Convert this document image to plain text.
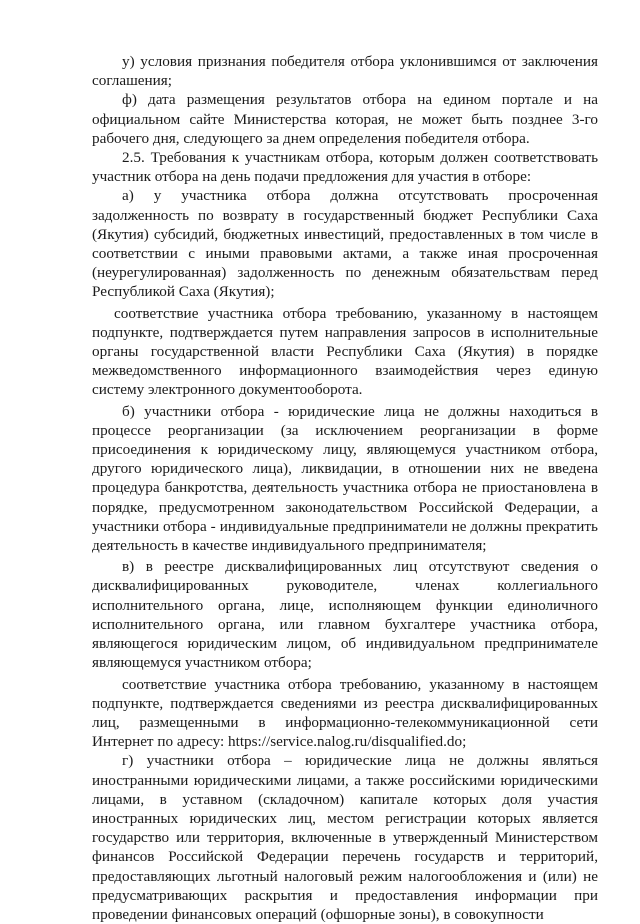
у) условия признания победителя отбора уклонившимся от заключения соглашения;

ф) дата размещения результатов отбора на едином портале и на официальном сайте Министерства которая, не может быть позднее 3-го рабочего дня, следующего за днем определения победителя отбора.

2.5. Требования к участникам отбора, которым должен соответствовать участник отбора на день подачи предложения для участия в отборе:

а) у участника отбора должна отсутствовать просроченная задолженность по возврату в государственный бюджет Республики Саха (Якутия) субсидий, бюджетных инвестиций, предоставленных в том числе в соответствии с иными правовыми актами, а также иная просроченная (неурегулированная) задолженность по денежным обязательствам перед Республикой Саха (Якутия);

соответствие участника отбора требованию, указанному в настоящем подпункте, подтверждается путем направления запросов в исполнительные органы государственной власти Республики Саха (Якутия) в порядке межведомственного информационного взаимодействия через единую систему электронного документооборота.

б) участники отбора - юридические лица не должны находиться в процессе реорганизации (за исключением реорганизации в форме присоединения к юридическому лицу, являющемуся участником отбора, другого юридического лица), ликвидации, в отношении них не введена процедура банкротства, деятельность участника отбора не приостановлена в порядке, предусмотренном законодательством Российской Федерации, а участники отбора - индивидуальные предприниматели не должны прекратить деятельность в качестве индивидуального предпринимателя;

в) в реестре дисквалифицированных лиц отсутствуют сведения о дисквалифицированных руководителе, членах коллегиального исполнительного органа, лице, исполняющем функции единоличного исполнительного органа, или главном бухгалтере участника отбора, являющегося юридическим лицом, об индивидуальном предпринимателе являющемуся участником отбора;

соответствие участника отбора требованию, указанному в настоящем подпункте, подтверждается сведениями из реестра дисквалифицированных лиц, размещенными в информационно-телекоммуникационной сети Интернет по адресу: https://service.nalog.ru/disqualified.do;

г) участники отбора – юридические лица не должны являться иностранными юридическими лицами, а также российскими юридическими лицами, в уставном (складочном) капитале которых доля участия иностранных юридических лиц, местом регистрации которых является государство или территория, включенные в утвержденный Министерством финансов Российской Федерации перечень государств и территорий, предоставляющих льготный налоговый режим налогообложения и (или) не предусматривающих раскрытия и предоставления информации при проведении финансовых операций (офшорные зоны), в совокупности
